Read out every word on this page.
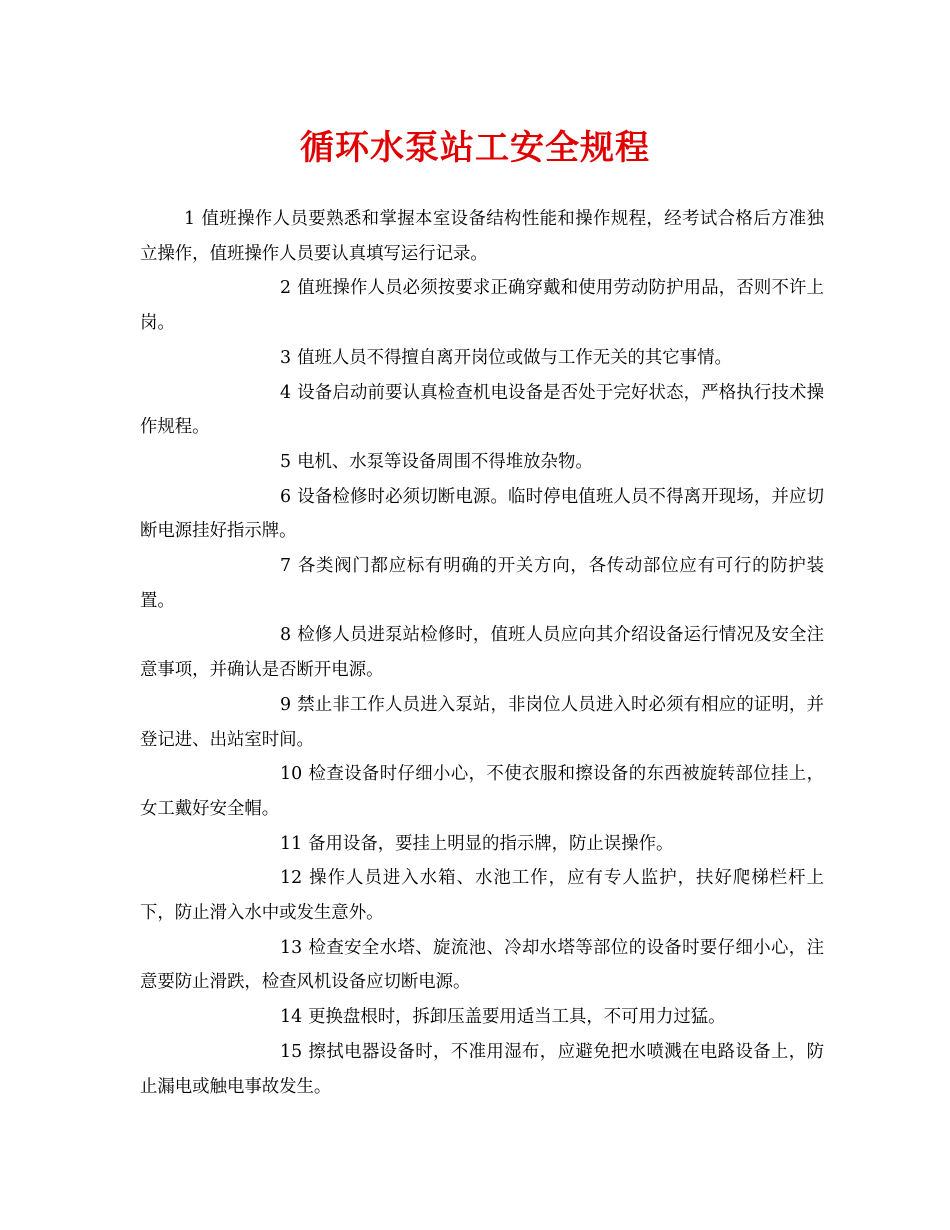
循环水泵站工安全规程

1 值班操作人员要熟悉和掌握本室设备结构性能和操作规程，经考试合格后方准独立操作，值班操作人员要认真填写运行记录。

2 值班操作人员必须按要求正确穿戴和使用劳动防护用品，否则不许上岗。

3 值班人员不得擅自离开岗位或做与工作无关的其它事情。

4 设备启动前要认真检查机电设备是否处于完好状态，严格执行技术操作规程。

5 电机、水泵等设备周围不得堆放杂物。

6 设备检修时必须切断电源。临时停电值班人员不得离开现场，并应切断电源挂好指示牌。

7 各类阀门都应标有明确的开关方向，各传动部位应有可行的防护装置。

8 检修人员进泵站检修时，值班人员应向其介绍设备运行情况及安全注意事项，并确认是否断开电源。

9 禁止非工作人员进入泵站，非岗位人员进入时必须有相应的证明，并登记进、出站室时间。

10 检查设备时仔细小心，不使衣服和擦设备的东西被旋转部位挂上，女工戴好安全帽。

11 备用设备，要挂上明显的指示牌，防止误操作。

12 操作人员进入水箱、水池工作，应有专人监护，扶好爬梯栏杆上下，防止滑入水中或发生意外。

13 检查安全水塔、旋流池、冷却水塔等部位的设备时要仔细小心，注意要防止滑跌，检查风机设备应切断电源。

14 更换盘根时，拆卸压盖要用适当工具，不可用力过猛。

15 擦拭电器设备时，不准用湿布，应避免把水喷溅在电路设备上，防止漏电或触电事故发生。
